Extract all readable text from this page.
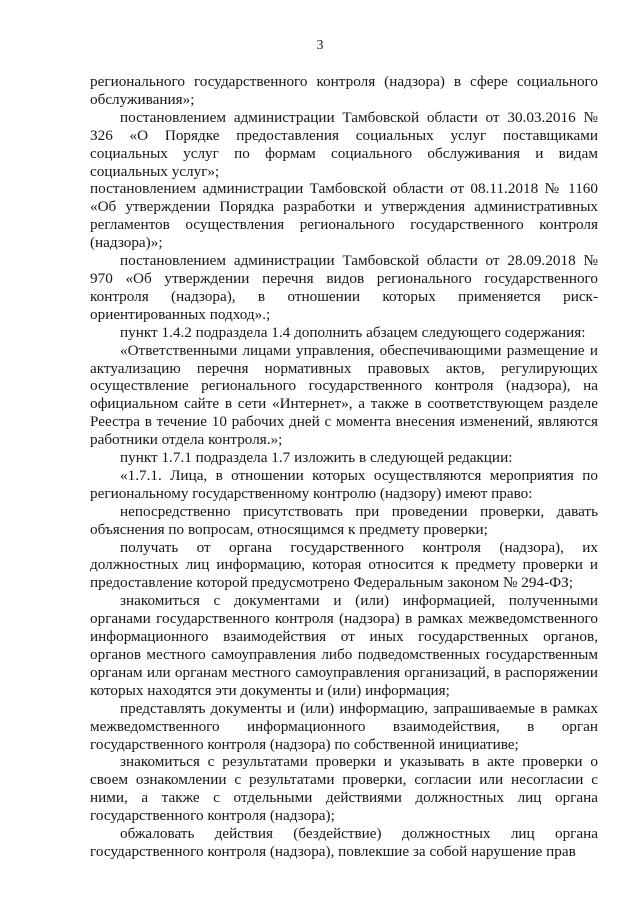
3

регионального государственного контроля (надзора) в сфере социального обслуживания»;

постановлением администрации Тамбовской области от 30.03.2016 № 326 «О Порядке предоставления социальных услуг поставщиками социальных услуг по формам социального обслуживания и видам социальных услуг»;

постановлением администрации Тамбовской области от 08.11.2018 № 1160 «Об утверждении Порядка разработки и утверждения административных регламентов осуществления регионального государственного контроля (надзора)»;

постановлением администрации Тамбовской области от 28.09.2018 № 970 «Об утверждении перечня видов регионального государственного контроля (надзора), в отношении которых применяется риск-ориентированных подход».;

пункт 1.4.2 подраздела 1.4 дополнить абзацем следующего содержания:

«Ответственными лицами управления, обеспечивающими размещение и актуализацию перечня нормативных правовых актов, регулирующих осуществление регионального государственного контроля (надзора), на официальном сайте в сети «Интернет», а также в соответствующем разделе Реестра в течение 10 рабочих дней с момента внесения изменений, являются работники отдела контроля.»;

пункт 1.7.1 подраздела 1.7 изложить в следующей редакции:

«1.7.1. Лица, в отношении которых осуществляются мероприятия по региональному государственному контролю (надзору) имеют право:

непосредственно присутствовать при проведении проверки, давать объяснения по вопросам, относящимся к предмету проверки;

получать от органа государственного контроля (надзора), их должностных лиц информацию, которая относится к предмету проверки и предоставление которой предусмотрено Федеральным законом № 294-ФЗ;

знакомиться с документами и (или) информацией, полученными органами государственного контроля (надзора) в рамках межведомственного информационного взаимодействия от иных государственных органов, органов местного самоуправления либо подведомственных государственным органам или органам местного самоуправления организаций, в распоряжении которых находятся эти документы и (или) информация;

представлять документы и (или) информацию, запрашиваемые в рамках межведомственного информационного взаимодействия, в орган государственного контроля (надзора) по собственной инициативе;

знакомиться с результатами проверки и указывать в акте проверки о своем ознакомлении с результатами проверки, согласии или несогласии с ними, а также с отдельными действиями должностных лиц органа государственного контроля (надзора);

обжаловать действия (бездействие) должностных лиц органа государственного контроля (надзора), повлекшие за собой нарушение прав
